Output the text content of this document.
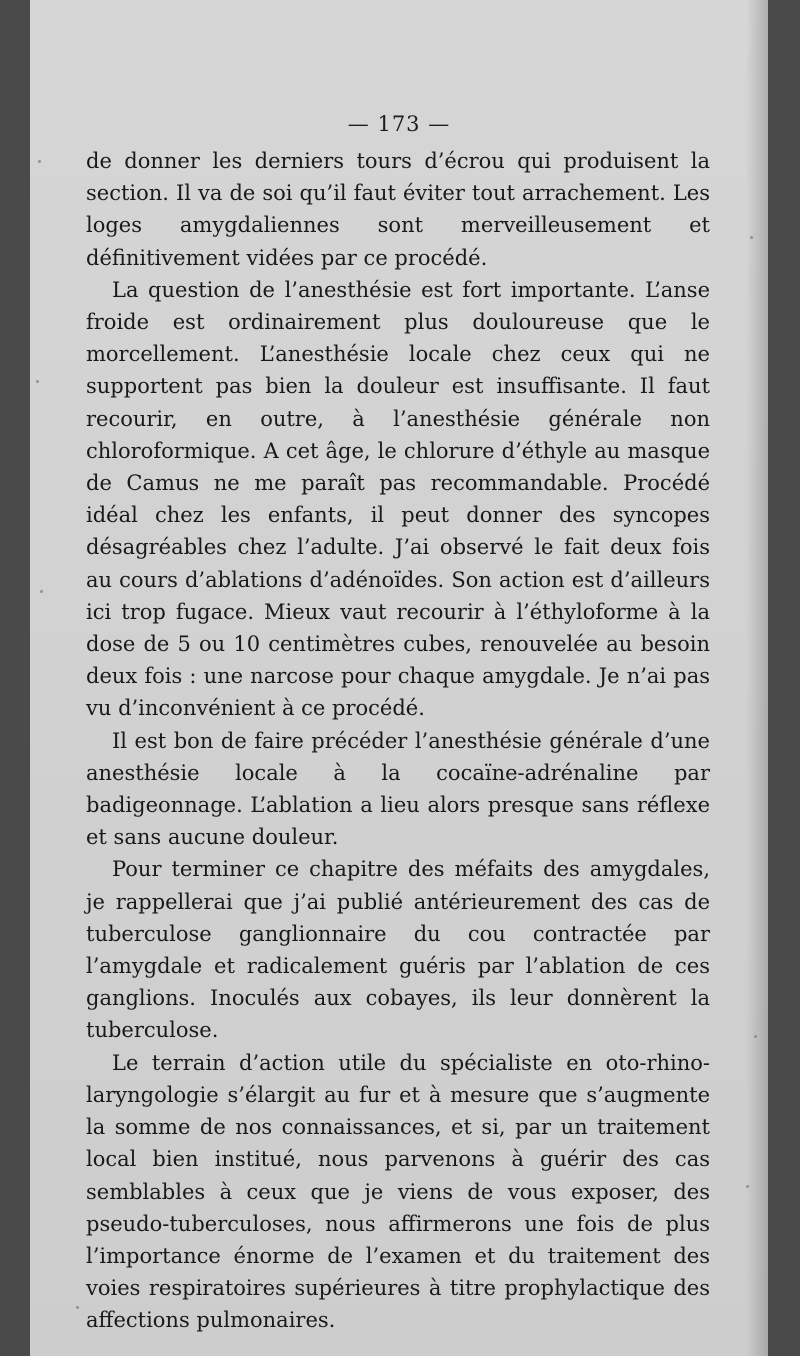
— 173 —

de donner les derniers tours d’écrou qui produisent la section. Il va de soi qu’il faut éviter tout arrachement. Les loges amygdaliennes sont merveilleusement et définitivement vidées par ce procédé.

La question de l’anesthésie est fort importante. L’anse froide est ordinairement plus douloureuse que le morcellement. L’anesthésie locale chez ceux qui ne supportent pas bien la douleur est insuffisante. Il faut recourir, en outre, à l’anesthésie générale non chloroformique. A cet âge, le chlorure d’éthyle au masque de Camus ne me paraît pas recommandable. Procédé idéal chez les enfants, il peut donner des syncopes désagréables chez l’adulte. J’ai observé le fait deux fois au cours d’ablations d’adénoïdes. Son action est d’ailleurs ici trop fugace. Mieux vaut recourir à l’éthyloforme à la dose de 5 ou 10 centimètres cubes, renouvelée au besoin deux fois : une narcose pour chaque amygdale. Je n’ai pas vu d’inconvénient à ce procédé.

Il est bon de faire précéder l’anesthésie générale d’une anesthésie locale à la cocaïne-adrénaline par badigeonnage. L’ablation a lieu alors presque sans réflexe et sans aucune douleur.

Pour terminer ce chapitre des méfaits des amygdales, je rappellerai que j’ai publié antérieurement des cas de tuberculose ganglionnaire du cou contractée par l’amygdale et radicalement guéris par l’ablation de ces ganglions. Inoculés aux cobayes, ils leur donnèrent la tuberculose.

Le terrain d’action utile du spécialiste en oto-rhino-laryngologie s’élargit au fur et à mesure que s’augmente la somme de nos connaissances, et si, par un traitement local bien institué, nous parvenons à guérir des cas semblables à ceux que je viens de vous exposer, des pseudo-tuberculoses, nous affirmerons une fois de plus l’importance énorme de l’examen et du traitement des voies respiratoires supérieures à titre prophylactique des affections pulmonaires.
